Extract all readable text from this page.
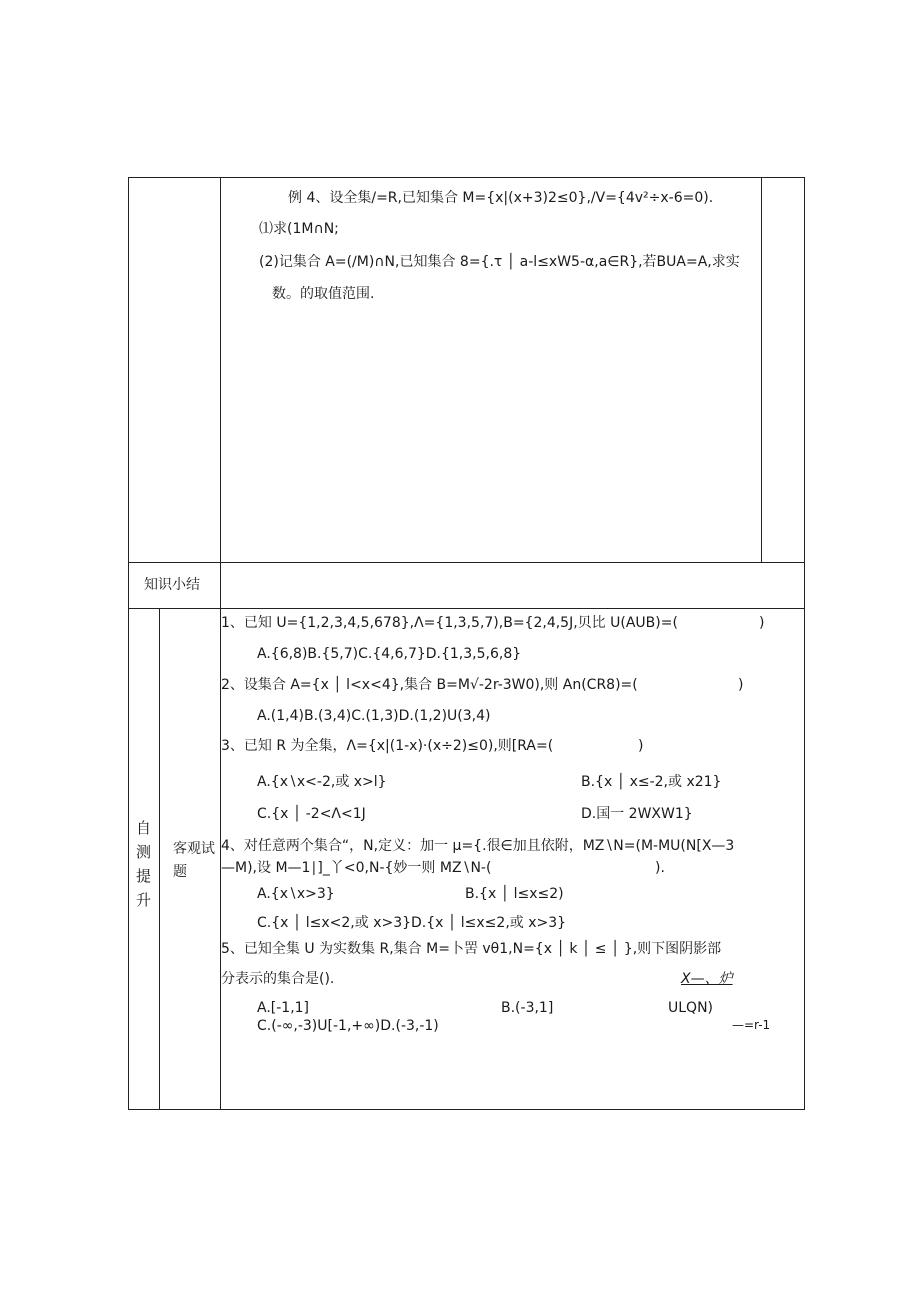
例 4、设全集/=R,已知集合 M={x|(x+3)2≤0},/V={4v²÷x-6=0).
⑴求(1M∩N;
(2)记集合 A=(∕M)∩N,已知集合 8={.τ │ a-l≤xW5-α,a∈R},若BUA=A,求实
数。的取值范围.
知识小结
自
测
提
升
客观试
题
1、已知 U={1,2,3,4,5,678},Λ={1,3,5,7),B={2,4,5J,贝比 U(AUB)=(	)
A.{6,8)B.{5,7)C.{4,6,7}D.{1,3,5,6,8}
2、设集合 A={x │ l<x<4},集合 B=M√-2r-3W0),则 An(CR8)=(	)
A.(1,4)B.(3,4)C.(1,3)D.(1,2)U(3,4)
3、已知 R 为全集，Λ={x|(1-x)·(x÷2)≤0),则[RA=(	)
A.{x∖x<-2,或 x>l}	B.{x │ x≤-2,或 x21}
C.{x │ -2<Λ<1J	D.国一 2WXW1}
4、对任意两个集合“，N,定义：加一 μ={.很∈加且依附，MZ∖N=(M-MU(N[X—3
—M),设 M—1∣]_丫<0,N-{妙一则 MZ∖N-(	).
A.{x∖x>3}	B.{x │ l≤x≤2)
C.{x │ l≤x<2,或 x>3}D.{x │ l≤x≤2,或 x>3}
5、已知全集 U 为实数集 R,集合 M=卜罟 vθ1,N={x │ k │ ≤ │ },则下图阴影部
分表示的集合是().	X—、炉
A.[-1,1]	B.(-3,1]	ULQN)
C.(-∞,-3)U[-1,+∞)D.(-3,-1)	—=r-1
